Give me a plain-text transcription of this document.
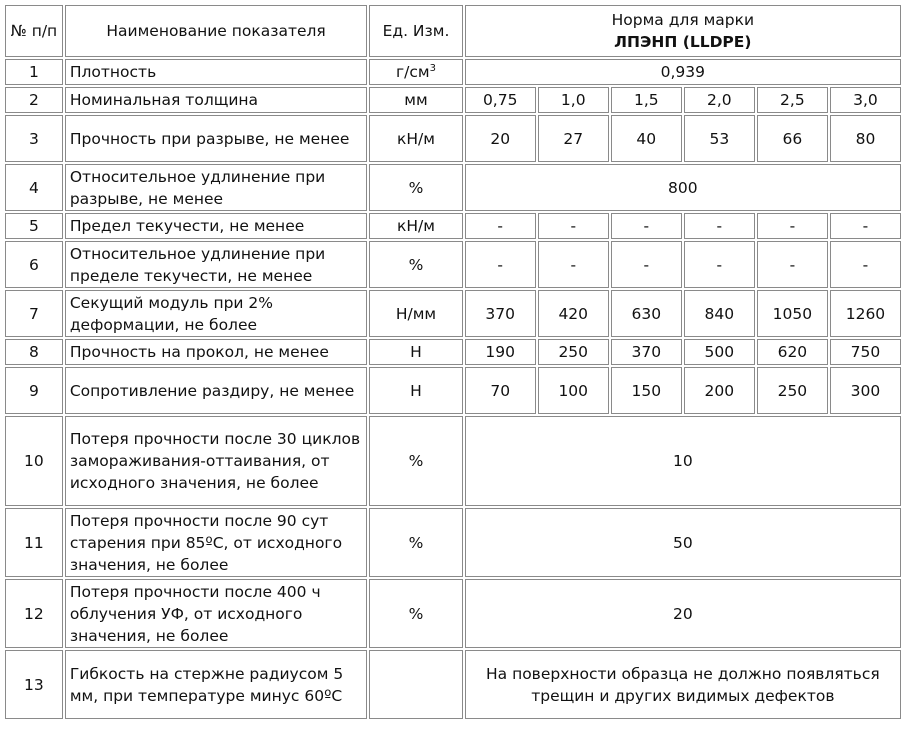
№ п/п	Наименование показателя	Ед. Изм.	Норма для марки
ЛПЭНП (LLDPE)					

1	Плотность	$г/см^3$	0,939					
2	Номинальная толщина	мм	0,75	1,0	1,5	2,0	2,5	3,0
3	Прочность при разрыве, не менее	кН/м	20	27	40	53	66	80
4	Относительное удлинение при разрыве, не менее	%	800					
5	Предел текучести, не менее	кН/м	-	-	-	-	-	-
6	Относительное удлинение при пределе текучести, не менее	%	-	-	-	-	-	-
7	Секущий модуль при 2% деформации, не более	Н/мм	370	420	630	840	1050	1260
8	Прочность на прокол, не менее	Н	190	250	370	500	620	750
9	Сопротивление раздиру, не менее	Н	70	100	150	200	250	300
10	Потеря прочности после 30 циклов замораживания-оттаивания, от исходного значения, не более	%	10					
11	Потеря прочности после 90 сут старения при 85ºС, от исходного значения, не более	%	50					
12	Потеря прочности после 400 ч облучения УФ, от исходного значения, не более	%	20					
13	Гибкость на стержне радиусом 5 мм, при температуре минус 60ºС		На поверхности образца не должно появляться трещин и других видимых дефектов					
